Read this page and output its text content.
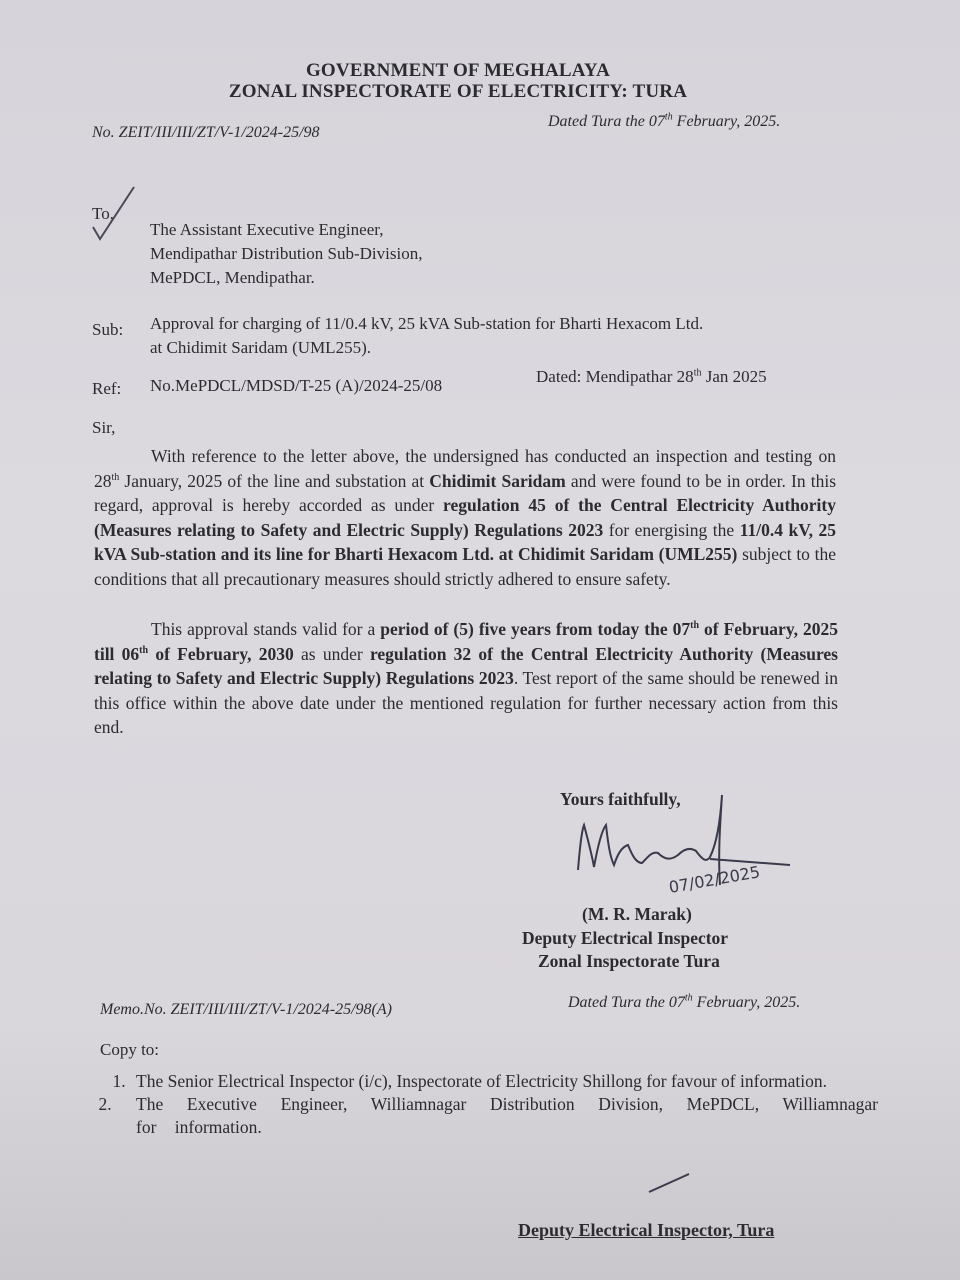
GOVERNMENT OF MEGHALAYA

ZONAL INSPECTORATE OF ELECTRICITY: TURA

No. ZEIT/III/III/ZT/V-1/2024-25/98

Dated Tura the 07th February, 2025.

To,

The Assistant Executive Engineer,

Mendipathar Distribution Sub-Division,

MePDCL, Mendipathar.

Sub: Approval for charging of 11/0.4 kV, 25 kVA Sub-station for Bharti Hexacom Ltd.

at Chidimit Saridam (UML255).

Ref: No.MePDCL/MDSD/T-25 (A)/2024-25/08	Dated: Mendipathar 28th Jan 2025

Sir,

With reference to the letter above, the undersigned has conducted an inspection and testing on 28th January, 2025 of the line and substation at Chidimit Saridam and were found to be in order. In this regard, approval is hereby accorded as under regulation 45 of the Central Electricity Authority (Measures relating to Safety and Electric Supply) Regulations 2023 for energising the 11/0.4 kV, 25 kVA Sub-station and its line for Bharti Hexacom Ltd. at Chidimit Saridam (UML255) subject to the conditions that all precautionary measures should strictly adhered to ensure safety.

This approval stands valid for a period of (5) five years from today the 07th of February, 2025 till 06th of February, 2030 as under regulation 32 of the Central Electricity Authority (Measures relating to Safety and Electric Supply) Regulations 2023. Test report of the same should be renewed in this office within the above date under the mentioned regulation for further necessary action from this end.

Yours faithfully,

07/02/2025

(M. R. Marak)

Deputy Electrical Inspector

Zonal Inspectorate Tura

Memo.No. ZEIT/III/III/ZT/V-1/2024-25/98(A)	Dated Tura the 07th February, 2025.

Copy to:

1. The Senior Electrical Inspector (i/c), Inspectorate of Electricity Shillong for favour of information.
2. The Executive Engineer, Williamnagar Distribution Division, MePDCL, Williamnagar for information.

Deputy Electrical Inspector, Tura
